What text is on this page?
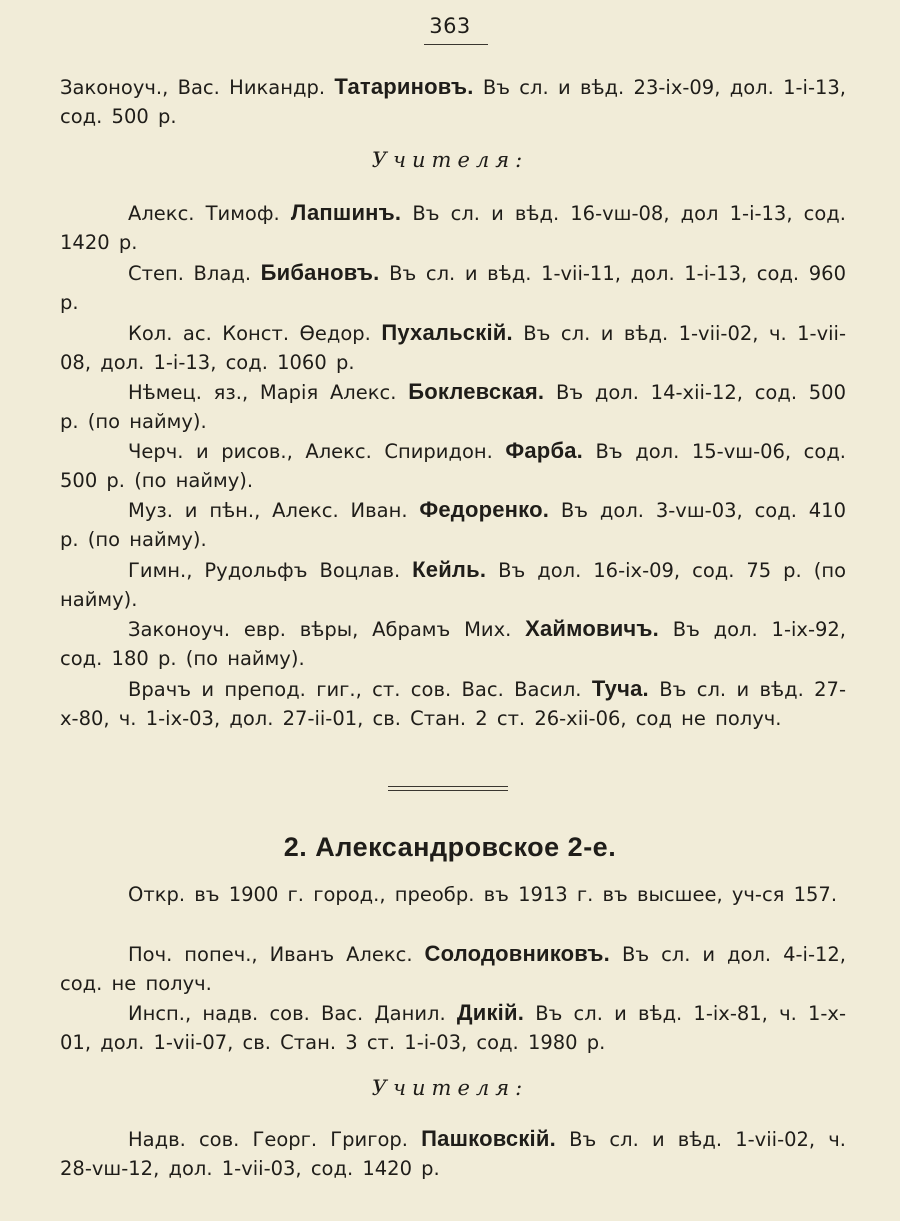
363

Законоуч., Вас. Никандр. Татариновъ. Въ сл. и вѣд. 23-ix-09, дол. 1-i-13, сод. 500 р.

Учителя:

Алекс. Тимоф. Лапшинъ. Въ сл. и вѣд. 16-vш-08, дол 1-i-13, сод. 1420 р.

Степ. Влад. Бибановъ. Въ сл. и вѣд. 1-vii-11, дол. 1-i-13, сод. 960 р.

Кол. ас. Конст. Ѳедор. Пухальскій. Въ сл. и вѣд. 1-vii-02, ч. 1-vii-08, дол. 1-i-13, сод. 1060 р.

Нѣмец. яз., Марія Алекс. Боклевская. Въ дол. 14-xii-12, сод. 500 р. (по найму).

Черч. и рисов., Алекс. Спиридон. Фарба. Въ дол. 15-vш-06, сод. 500 р. (по найму).

Муз. и пѣн., Алекс. Иван. Федоренко. Въ дол. 3-vш-03, сод. 410 р. (по найму).

Гимн., Рудольфъ Воцлав. Кейль. Въ дол. 16-ix-09, сод. 75 р. (по найму).

Законоуч. евр. вѣры, Абрамъ Мих. Хаймовичъ. Въ дол. 1-ix-92, сод. 180 р. (по найму).

Врачъ и препод. гиг., ст. сов. Вас. Васил. Туча. Въ сл. и вѣд. 27-x-80, ч. 1-ix-03, дол. 27-ii-01, св. Стан. 2 ст. 26-xii-06, сод не получ.

2. Александровское 2-е.

Откр. въ 1900 г. город., преобр. въ 1913 г. въ высшее, уч-ся 157.

Поч. попеч., Иванъ Алекс. Солодовниковъ. Въ сл. и дол. 4-i-12, сод. не получ.

Инсп., надв. сов. Вас. Данил. Дикій. Въ сл. и вѣд. 1-ix-81, ч. 1-x-01, дол. 1-vii-07, св. Стан. 3 ст. 1-i-03, сод. 1980 р.

Учителя:

Надв. сов. Георг. Григор. Пашковскій. Въ сл. и вѣд. 1-vii-02, ч. 28-vш-12, дол. 1-vii-03, сод. 1420 р.
